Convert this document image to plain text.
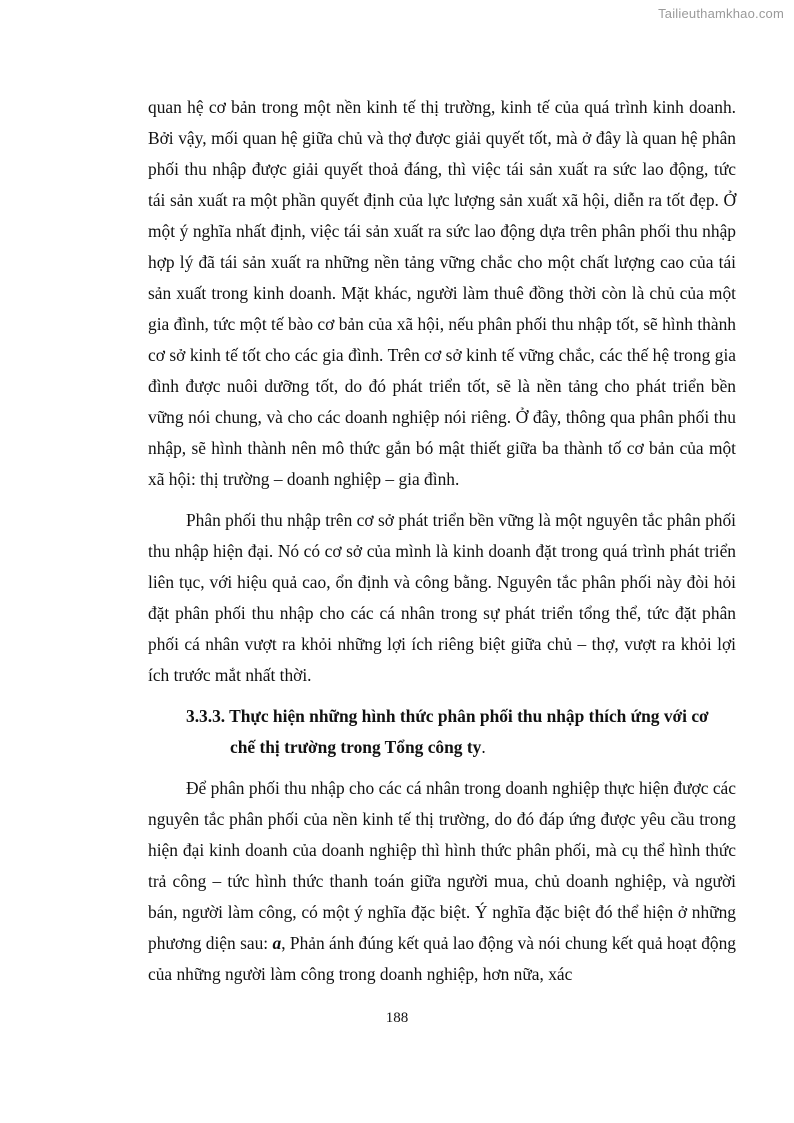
Tailieuthamkhao.com

quan hệ cơ bản trong một nền kinh tế thị trường, kinh tế của quá trình kinh doanh. Bởi vậy, mối quan hệ giữa chủ và thợ được giải quyết tốt, mà ở đây là quan hệ phân phối thu nhập được giải quyết thoả đáng, thì việc tái sản xuất ra sức lao động, tức tái sản xuất ra một phần quyết định của lực lượng sản xuất xã hội, diễn ra tốt đẹp. Ở một ý nghĩa nhất định, việc tái sản xuất ra sức lao động dựa trên phân phối thu nhập hợp lý đã tái sản xuất ra những nền tảng vững chắc cho một chất lượng cao của tái sản xuất trong kinh doanh. Mặt khác, người làm thuê đồng thời còn là chủ của một gia đình, tức một tế bào cơ bản của xã hội, nếu phân phối thu nhập tốt, sẽ hình thành cơ sở kinh tế tốt cho các gia đình. Trên cơ sở kinh tế vững chắc, các thế hệ trong gia đình được nuôi dưỡng tốt, do đó phát triển tốt, sẽ là nền tảng cho phát triển bền vững nói chung, và cho các doanh nghiệp nói riêng. Ở đây, thông qua phân phối thu nhập, sẽ hình thành nên mô thức gắn bó mật thiết giữa ba thành tố cơ bản của một xã hội: thị trường – doanh nghiệp – gia đình.

Phân phối thu nhập trên cơ sở phát triển bền vững là một nguyên tắc phân phối thu nhập hiện đại. Nó có cơ sở của mình là kinh doanh đặt trong quá trình phát triển liên tục, với hiệu quả cao, ổn định và công bằng. Nguyên tắc phân phối này đòi hỏi đặt phân phối thu nhập cho các cá nhân trong sự phát triển tổng thể, tức đặt phân phối cá nhân vượt ra khỏi những lợi ích riêng biệt giữa chủ – thợ, vượt ra khỏi lợi ích trước mắt nhất thời.

3.3.3. Thực hiện những hình thức phân phối thu nhập thích ứng với cơ chế thị trường trong Tổng công ty.

Để phân phối thu nhập cho các cá nhân trong doanh nghiệp thực hiện được các nguyên tắc phân phối của nền kinh tế thị trường, do đó đáp ứng được yêu cầu trong hiện đại kinh doanh của doanh nghiệp thì hình thức phân phối, mà cụ thể hình thức trả công – tức hình thức thanh toán giữa người mua, chủ doanh nghiệp, và người bán, người làm công, có một ý nghĩa đặc biệt. Ý nghĩa đặc biệt đó thể hiện ở những phương diện sau: a, Phản ánh đúng kết quả lao động và nói chung kết quả hoạt động của những người làm công trong doanh nghiệp, hơn nữa, xác

188
